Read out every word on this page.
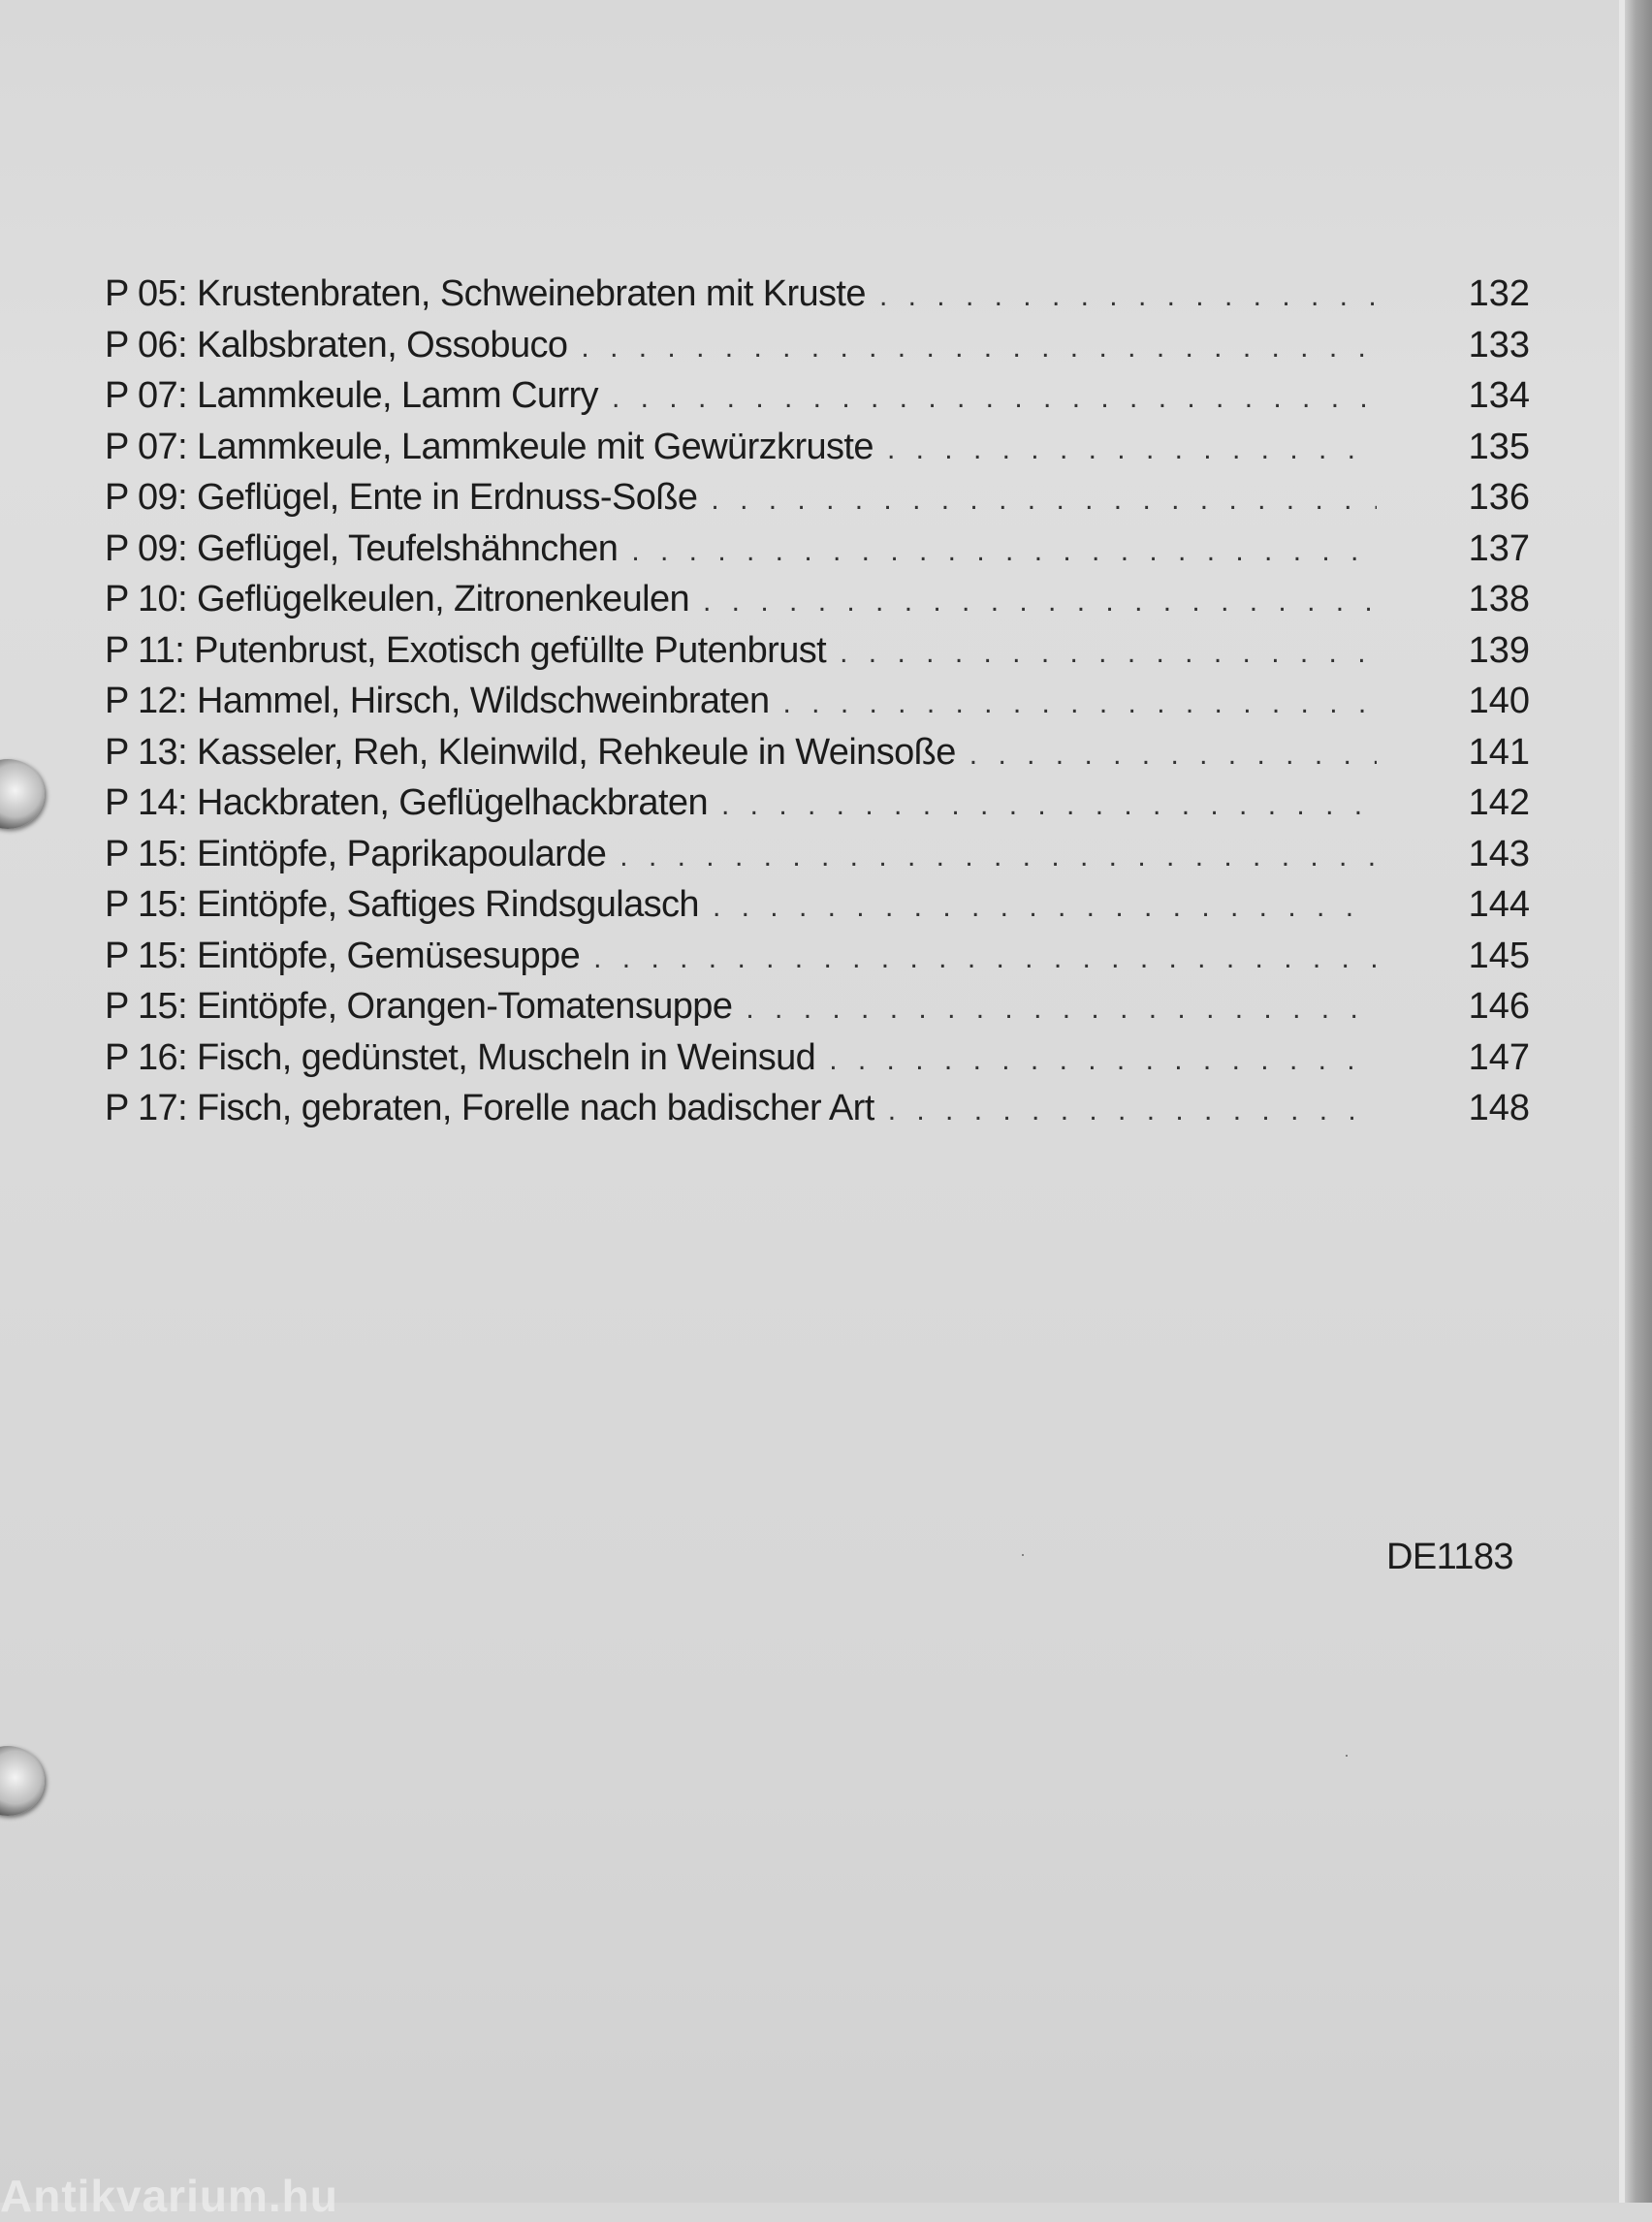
P 05: Krustenbraten, Schweinebraten mit Kruste . . .	132
P 06: Kalbsbraten, Ossobuco . . .	133
P 07: Lammkeule, Lamm Curry . . .	134
P 07: Lammkeule, Lammkeule mit Gewürzkruste . . .	135
P 09: Geflügel, Ente in Erdnuss-Soße . . .	136
P 09: Geflügel, Teufelshähnchen . . .	137
P 10: Geflügelkeulen, Zitronenkeulen . . .	138
P 11: Putenbrust, Exotisch gefüllte Putenbrust . . .	139
P 12: Hammel, Hirsch, Wildschweinbraten . . .	140
P 13: Kasseler, Reh, Kleinwild, Rehkeule in Weinsoße . . .	141
P 14: Hackbraten, Geflügelhackbraten . . .	142
P 15: Eintöpfe, Paprikapoularde . . .	143
P 15: Eintöpfe, Saftiges Rindsgulasch . . .	144
P 15: Eintöpfe, Gemüsesuppe . . .	145
P 15: Eintöpfe, Orangen-Tomatensuppe . . .	146
P 16: Fisch, gedünstet, Muscheln in Weinsud . . .	147
P 17: Fisch, gebraten, Forelle nach badischer Art . . .	148
DE1183
Antikvarium.hu
